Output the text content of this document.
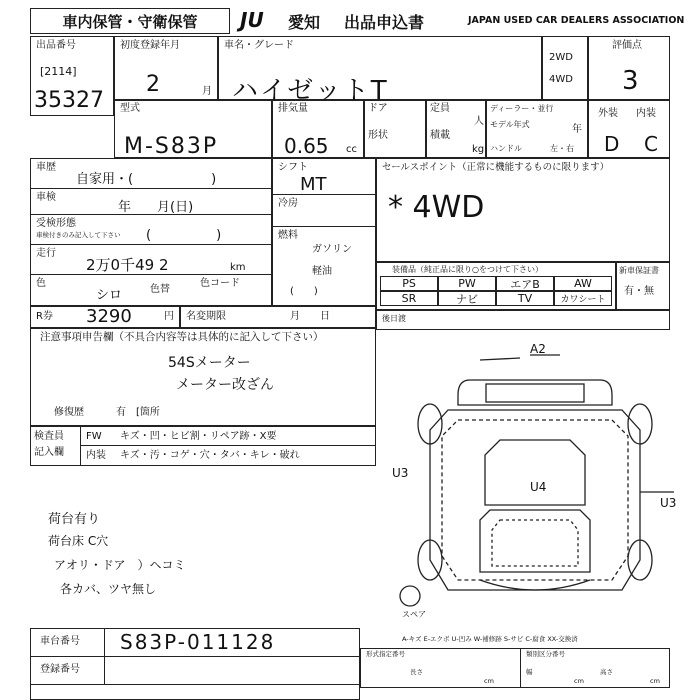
車内保管・守衛保管	JU	愛知 出品申込書	JAPAN USED CAR DEALERS ASSOCIATION
出品番号
[2114]
35327
初度登録年月
2	月
車名・グレード
ハイゼットT
2WD
4WD
評価点
3
型式
M-S83P
排気量
0.65 cc
ドア
形状
定員
人
積載
kg
ディーラー・並行
モデル年式	年
ハンドル	左・右
外装 内装
D C
車歴
自家用・(　　　　　　)
車検
年　　月(日)
受検形態
車検付きのみ記入して下さい (　　　　　)
走行
2万0千49 2	km
色
シロ	色替
色コード
シフト
MT
冷房
燃料
ガソリン
軽油
(　　)
セールスポイント（正常に機能するものに限ります）
* 4WD
装備品（純正品に限り○をつけて下さい）
PS	PW	エアB	AW
SR	ナビ	TV	カワシート
新車保証書
有・無
R券 3290	円 名変期限	月　　日	後日渡
注意事項申告欄（不具合内容等は具体的に記入して下さい）
54Sメーター
メーター改ざん
修復歴	有　[箇所
検査員
記入欄
FW キズ・凹・ヒビ割・リペア跡・X要
内装 キズ・汚・コゲ・穴・タバ・キレ・破れ
荷台有り
荷台床 C穴
アオリ・ドア　）ヘコミ
各カバ、ツヤ無し
A2
U3
U4
U3
スペア
A-キズ E-エクボ U-凹み W-補修跡 S-サビ C-腐食 XX-交換済
車台番号 S83P-011128
登録番号
形式指定番号	類別区分番号
長さ
cm
幅
cm
高さ
cm
